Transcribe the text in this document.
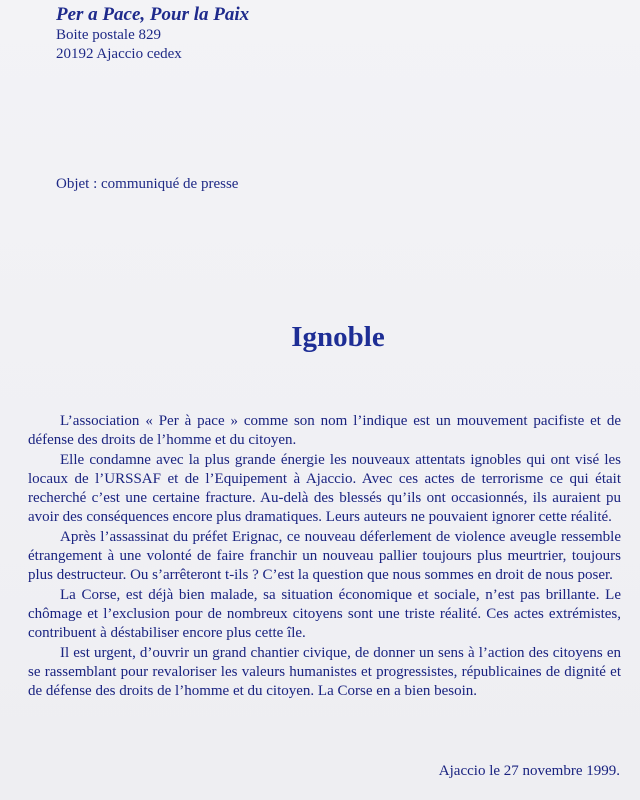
Per a Pace, Pour la Paix
Boite postale 829
20192 Ajaccio cedex
Objet : communiqué de presse
Ignoble

L’association « Per à pace » comme son nom l’indique est un mouvement pacifiste et de défense des droits de l’homme et du citoyen.

Elle condamne avec la plus grande énergie les nouveaux attentats ignobles qui ont visé les locaux de l’URSSAF et de l’Equipement à Ajaccio. Avec ces actes de terrorisme ce qui était recherché c’est une certaine fracture. Au-delà des blessés qu’ils ont occasionnés, ils auraient pu avoir des conséquences encore plus dramatiques. Leurs auteurs ne pouvaient ignorer cette réalité.

Après l’assassinat du préfet Erignac, ce nouveau déferlement de violence aveugle ressemble étrangement à une volonté de faire franchir un nouveau pallier toujours plus meurtrier, toujours plus destructeur. Ou s’arrêteront t-ils ? C’est la question que nous sommes en droit de nous poser.

La Corse, est déjà bien malade, sa situation économique et sociale, n’est pas brillante. Le chômage et l’exclusion pour de nombreux citoyens sont une triste réalité. Ces actes extrémistes, contribuent à déstabiliser encore plus cette île.

Il est urgent, d’ouvrir un grand chantier civique, de donner un sens à l’action des citoyens en se rassemblant pour revaloriser les valeurs humanistes et progressistes, républicaines de dignité et de défense des droits de l’homme et du citoyen. La Corse en a bien besoin.

Ajaccio le 27 novembre 1999.
